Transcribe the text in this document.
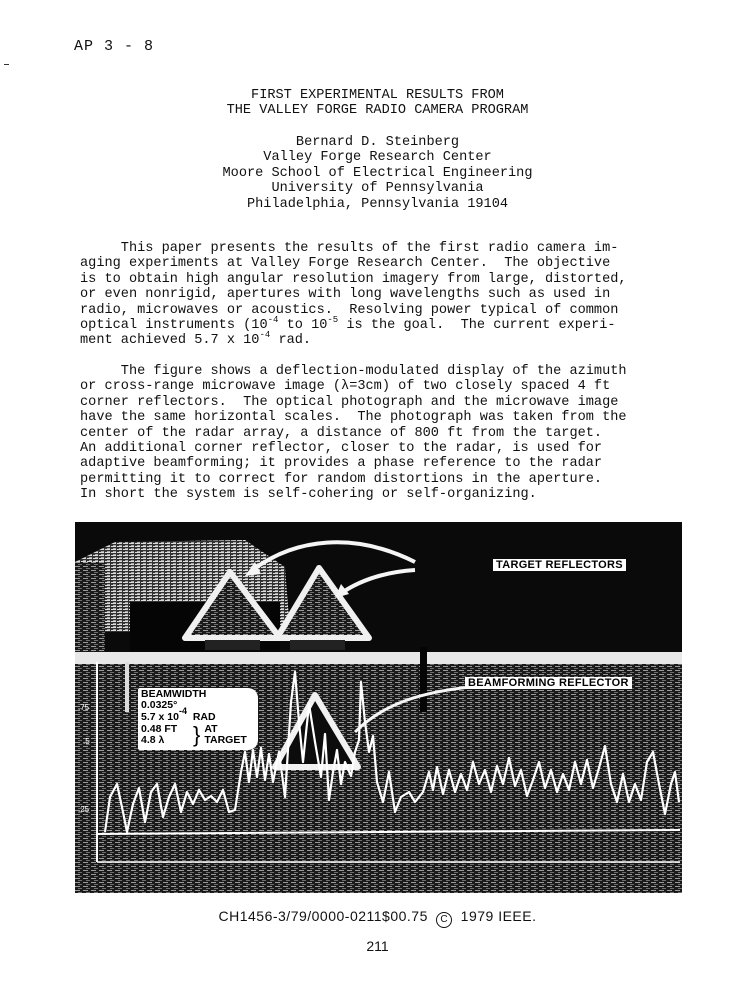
AP 3 - 8
FIRST EXPERIMENTAL RESULTS FROM
THE VALLEY FORGE RADIO CAMERA PROGRAM
Bernard D. Steinberg
Valley Forge Research Center
Moore School of Electrical Engineering
University of Pennsylvania
Philadelphia, Pennsylvania 19104
This paper presents the results of the first radio camera im-
aging experiments at Valley Forge Research Center.  The objective
is to obtain high angular resolution imagery from large, distorted,
or even nonrigid, apertures with long wavelengths such as used in
radio, microwaves or acoustics.  Resolving power typical of common
optical instruments ($10^{-4}$ to $10^{-5}$ is the goal.  The current experi-
ment achieved 5.7 x $10^{-4}$ rad.
The figure shows a deflection-modulated display of the azimuth
or cross-range microwave image (λ=3cm) of two closely spaced 4 ft
corner reflectors.  The optical photograph and the microwave image
have the same horizontal scales.  The photograph was taken from the
center of the radar array, a distance of 800 ft from the target.
An additional corner reflector, closer to the radar, is used for
adaptive beamforming; it provides a phase reference to the radar
permitting it to correct for random distortions in the aperture.
In short the system is self-cohering or self-organizing.
.75
.5
.25
TARGET REFLECTORS
BEAMFORMING REFLECTOR
BEAMWIDTH
0.0325°
5.7 x $10^{-4}$ RAD
0.48 FT
4.8 λ	} AT
TARGET
CH1456-3/79/0000-0211$00.75 C 1979 IEEE.
211
